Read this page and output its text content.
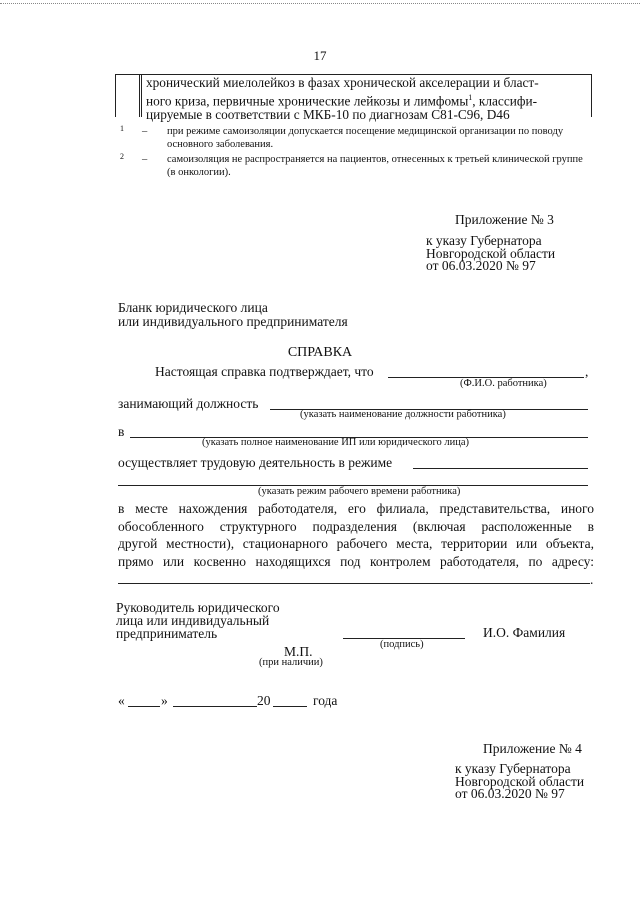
17
хронический миелолейкоз в фазах хронической акселерации и бласт-
ного криза, первичные хронические лейкозы и лимфомы$^1$, классифи-
цируемые в соответствии с МКБ-10 по диагнозам C81-C96, D46
1 – при режиме самоизоляции допускается посещение медицинской организации по поводу основного заболевания.
2 – самоизоляция не распространяется на пациентов, отнесенных к третьей клинической группе (в онкологии).
Приложение № 3
к указу Губернатора
Новгородской области
от 06.03.2020 № 97
Бланк юридического лица
или индивидуального предпринимателя
СПРАВКА
Настоящая справка подтверждает, что	,
(Ф.И.О. работника)
занимающий должность
(указать наименование должности работника)
в
(указать полное наименование ИП или юридического лица)
осуществляет трудовую деятельность в режиме
(указать режим рабочего времени работника)
в месте нахождения работодателя, его филиала, представительства, иного
обособленного структурного подразделения (включая расположенные в
другой местности), стационарного рабочего места, территории или объекта,
прямо или косвенно находящихся под контролем работодателя, по адресу:
.
Руководитель юридического
лица или индивидуальный
предприниматель
(подпись)
И.О. Фамилия
М.П.
(при наличии)
«	»	20	года
Приложение № 4
к указу Губернатора
Новгородской области
от 06.03.2020 № 97
